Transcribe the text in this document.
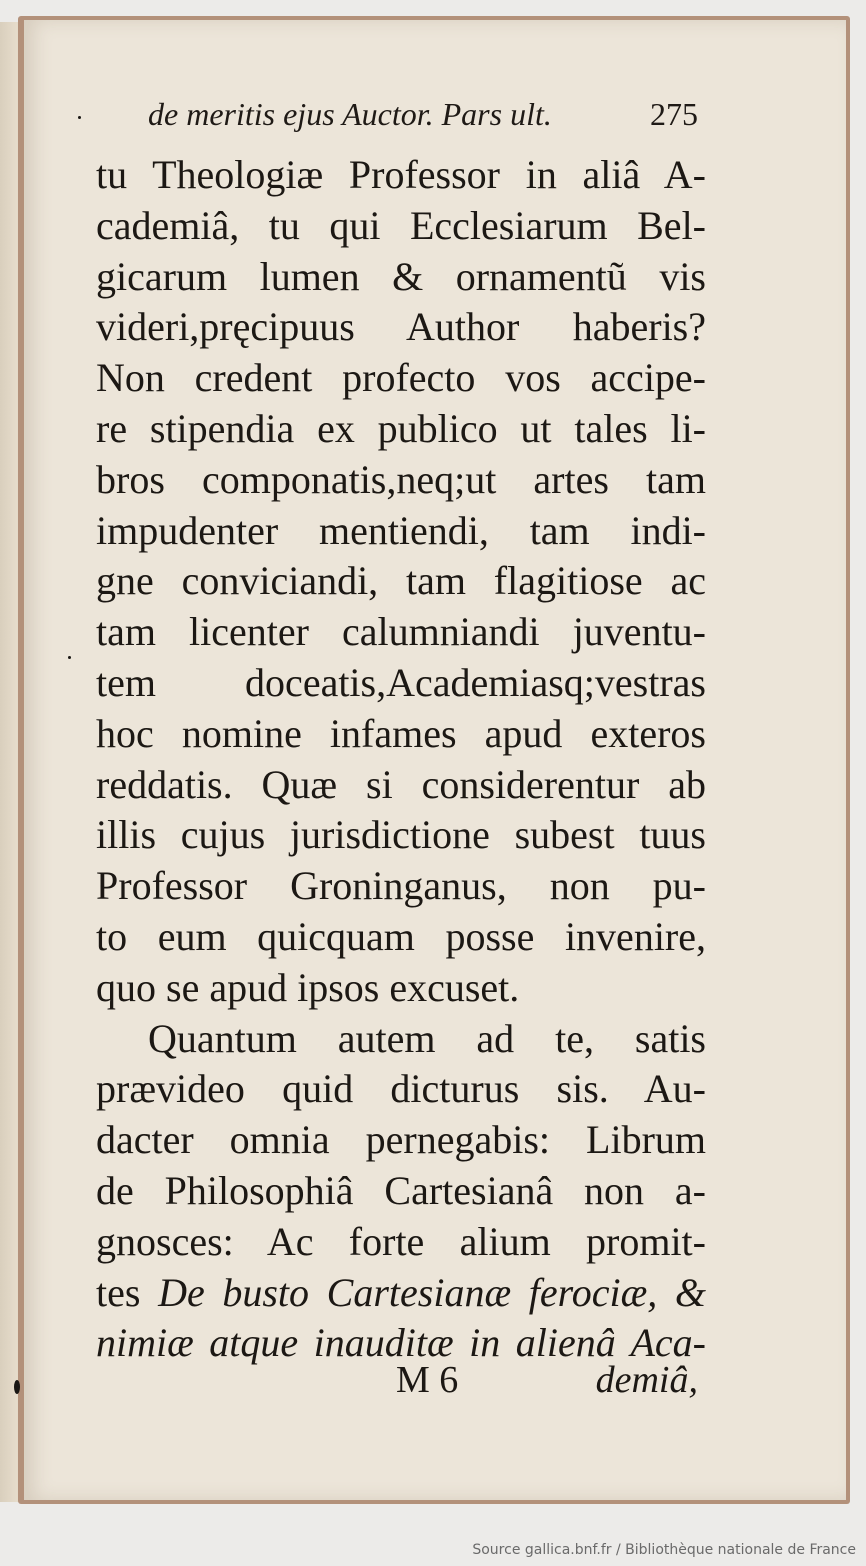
de meritis ejus Auctor. Pars ult.	275
tu Theologiæ Professor in aliâ A-
cademiâ, tu qui Ecclesiarum Bel-
gicarum lumen & ornamentũ vis
videri,pręcipuus Author haberis?
Non credent profecto vos accipe-
re stipendia ex publico ut tales li-
bros componatis,neq;ut artes tam
impudenter mentiendi, tam indi-
gne conviciandi, tam flagitiose ac
tam licenter calumniandi juventu-
tem doceatis,Academiasq;vestras
hoc nomine infames apud exteros
reddatis. Quæ si considerentur ab
illis cujus jurisdictione subest tuus
Professor Groninganus, non pu-
to eum quicquam posse invenire,
quo se apud ipsos excuset.
Quantum autem ad te, satis
prævideo quid dicturus sis. Au-
dacter omnia pernegabis: Librum
de Philosophiâ Cartesianâ non a-
gnosces: Ac forte alium promit-
tes De busto Cartesianæ ferociæ, &
nimiæ atque inauditæ in alienâ Aca-
M 6	demiâ,
Source gallica.bnf.fr / Bibliothèque nationale de France
